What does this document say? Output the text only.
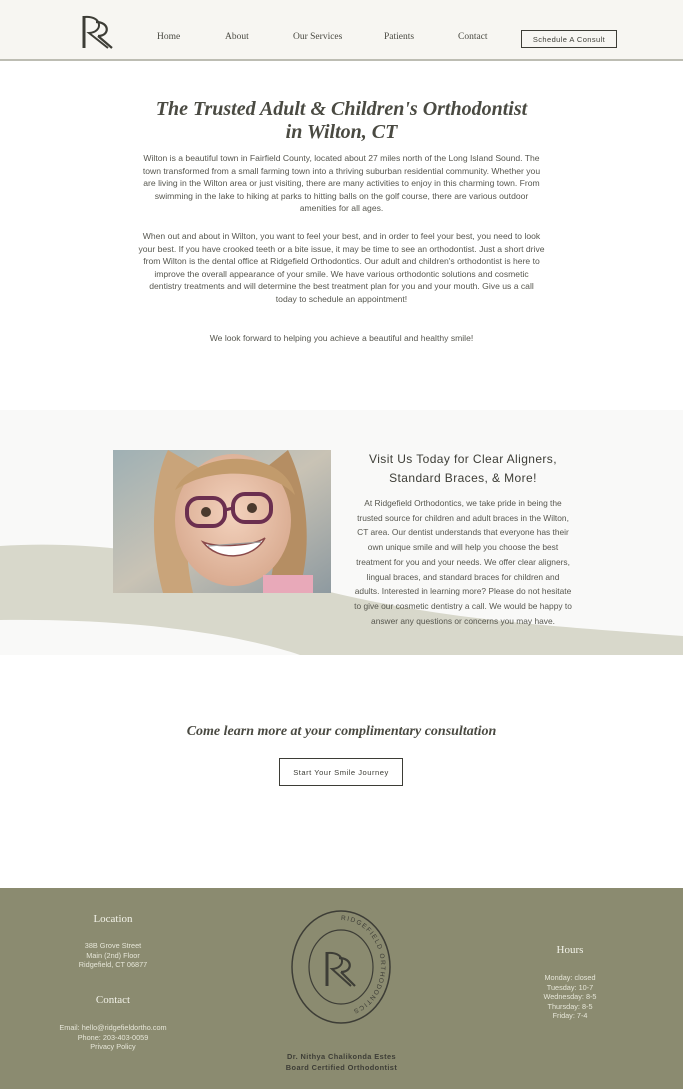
Home	About	Our Services	Patients	Contact	Schedule A Consult
The Trusted Adult & Children's Orthodontist
in Wilton, CT

Wilton is a beautiful town in Fairfield County, located about 27 miles north of the Long Island Sound. The town transformed from a small farming town into a thriving suburban residential community. Whether you are living in the Wilton area or just visiting, there are many activities to enjoy in this charming town. From swimming in the lake to hiking at parks to hitting balls on the golf course, there are various outdoor amenities for all ages.

When out and about in Wilton, you want to feel your best, and in order to feel your best, you need to look your best. If you have crooked teeth or a bite issue, it may be time to see an orthodontist. Just a short drive from Wilton is the dental office at Ridgefield Orthodontics. Our adult and children's orthodontist is here to improve the overall appearance of your smile. We have various orthodontic solutions and cosmetic dentistry treatments and will determine the best treatment plan for you and your mouth. Give us a call today to schedule an appointment!

We look forward to helping you achieve a beautiful and healthy smile!

Visit Us Today for Clear Aligners, Standard Braces, & More!

At Ridgefield Orthodontics, we take pride in being the trusted source for children and adult braces in the Wilton, CT area. Our dentist understands that everyone has their own unique smile and will help you choose the best treatment for you and your needs. We offer clear aligners, lingual braces, and standard braces for children and adults. Interested in learning more? Please do not hesitate to give our cosmetic dentistry a call. We would be happy to answer any questions or concerns you may have.

Come learn more at your complimentary consultation
Start Your Smile Journey
Location
38B Grove Street
Main (2nd) Floor
Ridgefield, CT 06877
Contact
Email: hello@ridgefieldortho.com
Phone: 203-403-0059
Privacy Policy
RIDGEFIELD ORTHODONTICS
Hours
Monday: closed
Tuesday: 10-7
Wednesday: 8-5
Thursday: 8-5
Friday: 7-4
Dr. Nithya Chalikonda Estes
Board Certified Orthodontist
